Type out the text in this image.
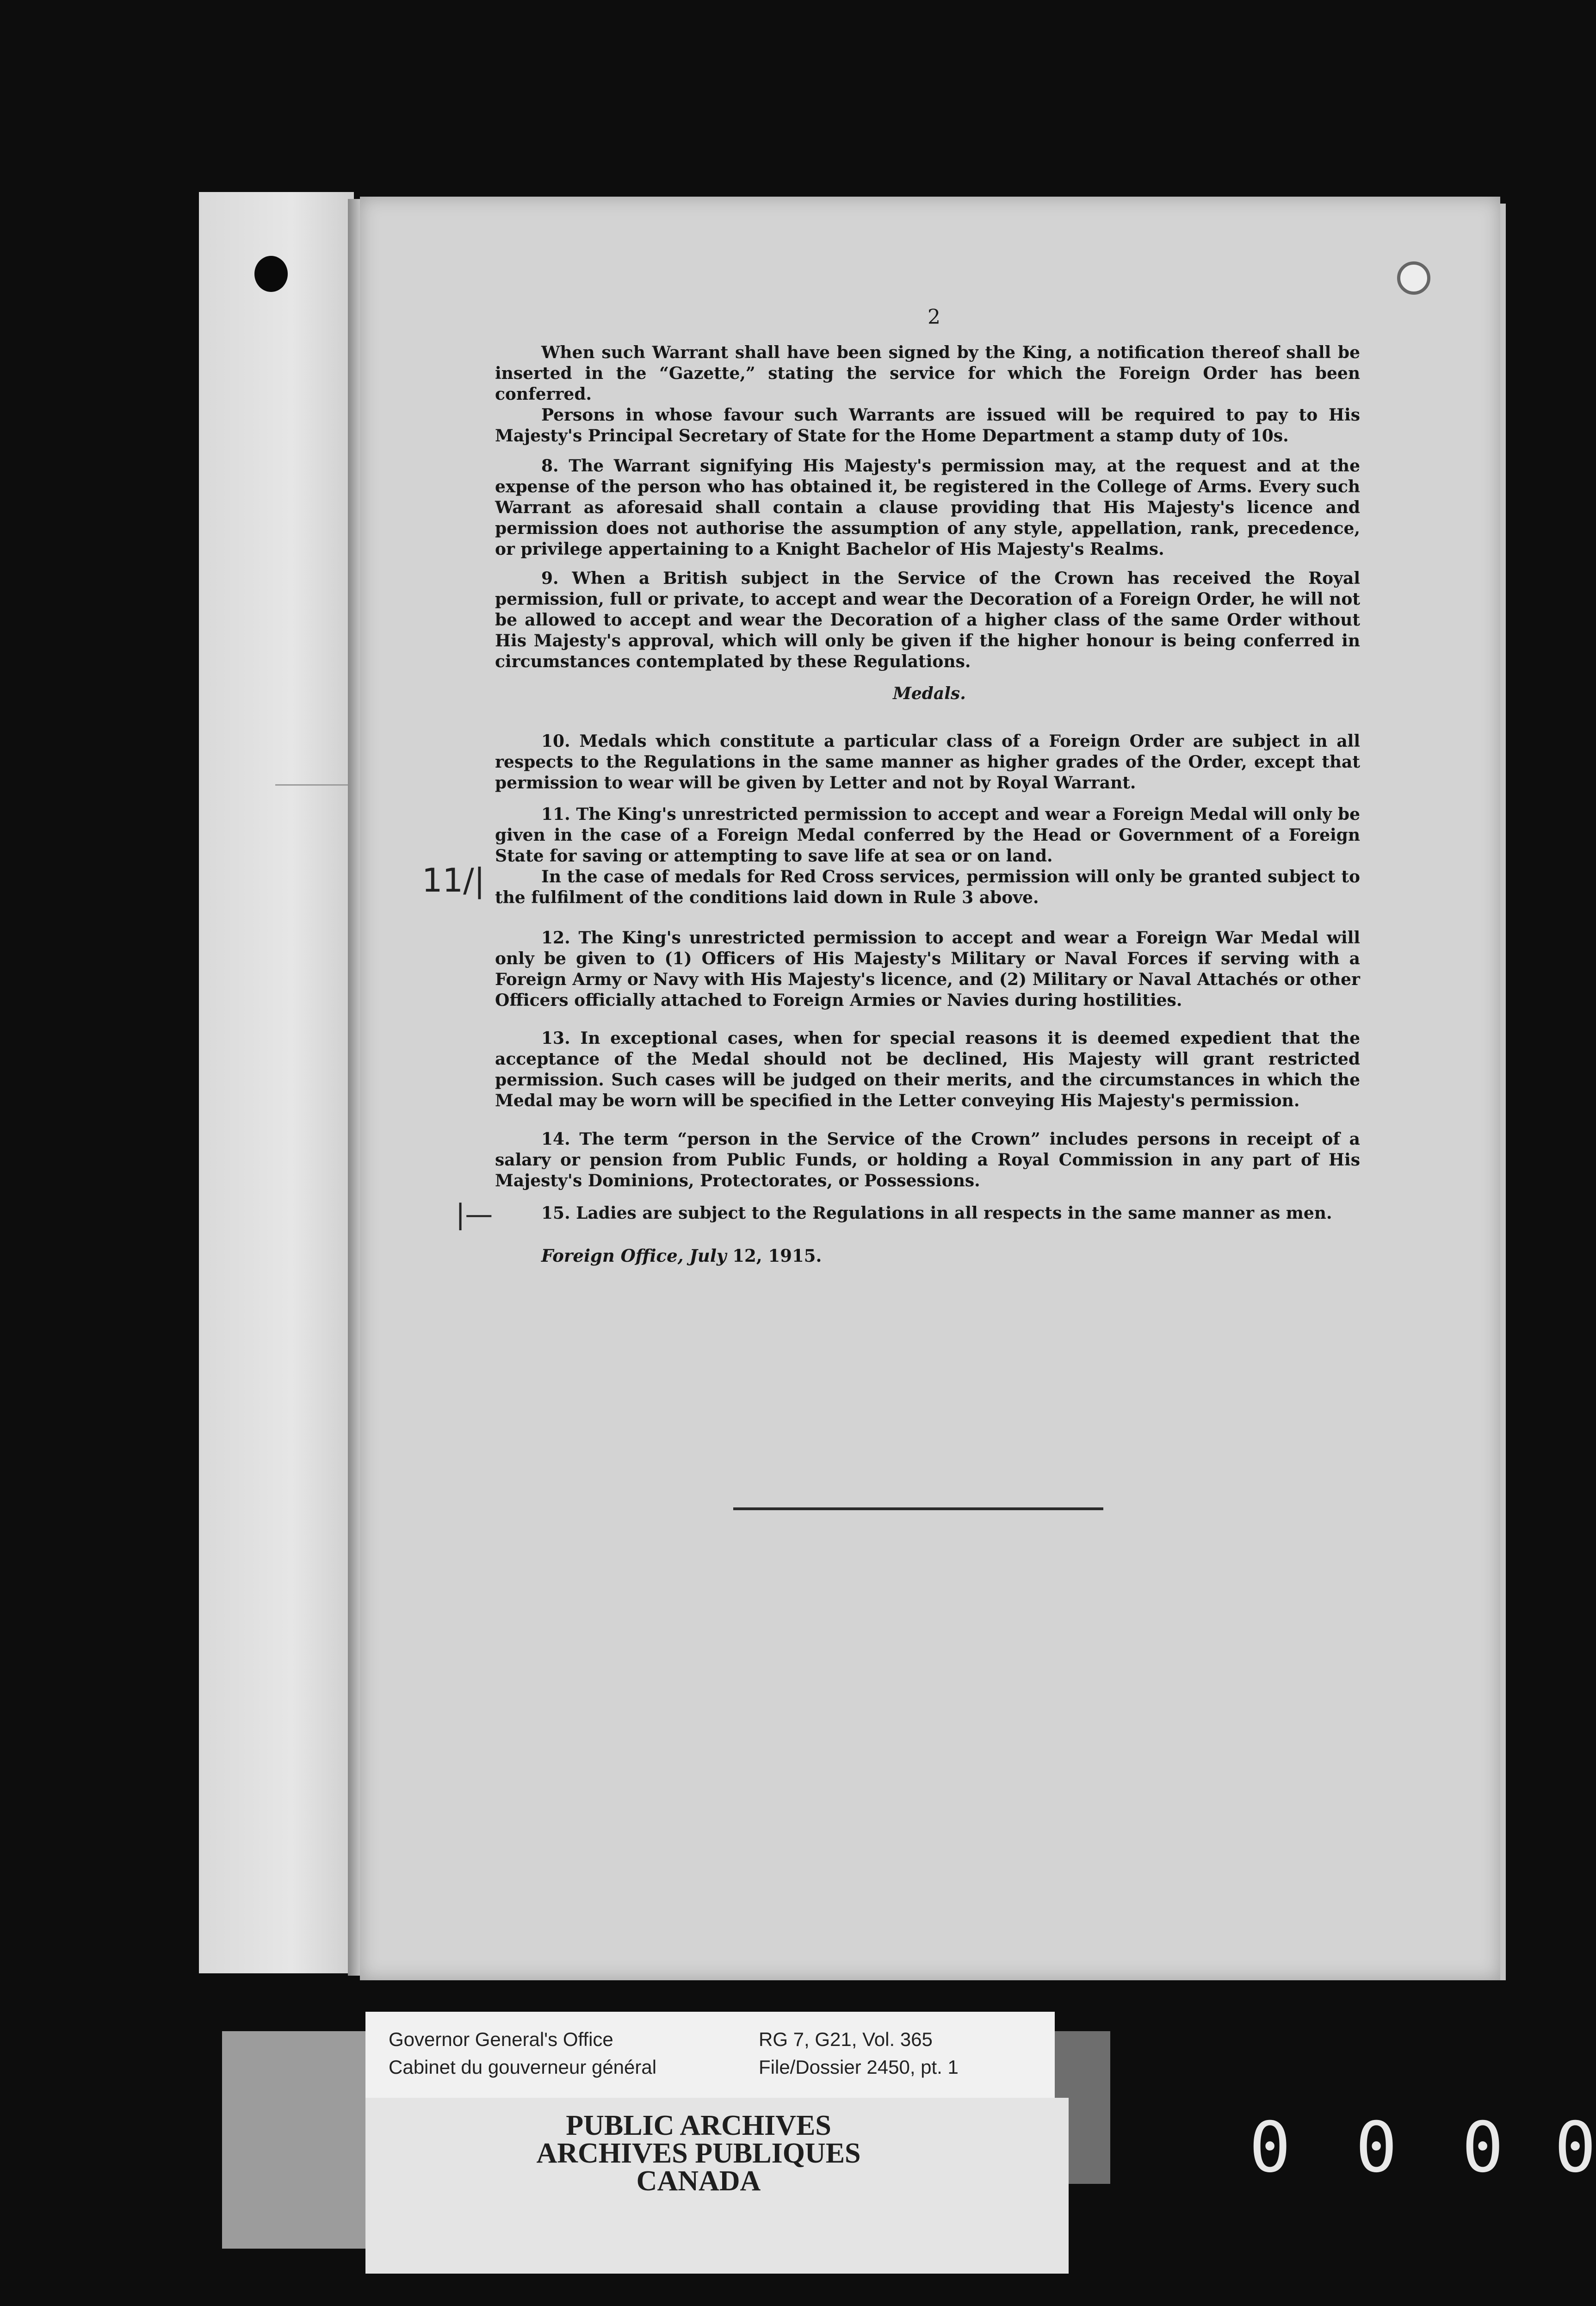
2

When such Warrant shall have been signed by the King, a notification thereof shall be inserted in the “Gazette,” stating the service for which the Foreign Order has been conferred.

Persons in whose favour such Warrants are issued will be required to pay to His Majesty's Principal Secretary of State for the Home Department a stamp duty of 10s.

8. The Warrant signifying His Majesty's permission may, at the request and at the expense of the person who has obtained it, be registered in the College of Arms. Every such Warrant as aforesaid shall contain a clause providing that His Majesty's licence and permission does not authorise the assumption of any style, appellation, rank, precedence, or privilege appertaining to a Knight Bachelor of His Majesty's Realms.

9. When a British subject in the Service of the Crown has received the Royal permission, full or private, to accept and wear the Decoration of a Foreign Order, he will not be allowed to accept and wear the Decoration of a higher class of the same Order without His Majesty's approval, which will only be given if the higher honour is being conferred in circumstances contemplated by these Regulations.

Medals.

10. Medals which constitute a particular class of a Foreign Order are subject in all respects to the Regulations in the same manner as higher grades of the Order, except that permission to wear will be given by Letter and not by Royal Warrant.

11. The King's unrestricted permission to accept and wear a Foreign Medal will only be given in the case of a Foreign Medal conferred by the Head or Government of a Foreign State for saving or attempting to save life at sea or on land.

In the case of medals for Red Cross services, permission will only be granted subject to the fulfilment of the conditions laid down in Rule 3 above.

12. The King's unrestricted permission to accept and wear a Foreign War Medal will only be given to (1) Officers of His Majesty's Military or Naval Forces if serving with a Foreign Army or Navy with His Majesty's licence, and (2) Military or Naval Attachés or other Officers officially attached to Foreign Armies or Navies during hostilities.

13. In exceptional cases, when for special reasons it is deemed expedient that the acceptance of the Medal should not be declined, His Majesty will grant restricted permission. Such cases will be judged on their merits, and the circumstances in which the Medal may be worn will be specified in the Letter conveying His Majesty's permission.

14. The term “person in the Service of the Crown” includes persons in receipt of a salary or pension from Public Funds, or holding a Royal Commission in any part of His Majesty's Dominions, Protectorates, or Possessions.

15. Ladies are subject to the Regulations in all respects in the same manner as men.

Foreign Office, July 12, 1915.
11/|
|—
Governor General's Office
Cabinet du gouverneur général
RG 7, G21, Vol. 365
File/Dossier 2450, pt. 1
PUBLIC ARCHIVES
ARCHIVES PUBLIQUES
CANADA	0 0 0 0
